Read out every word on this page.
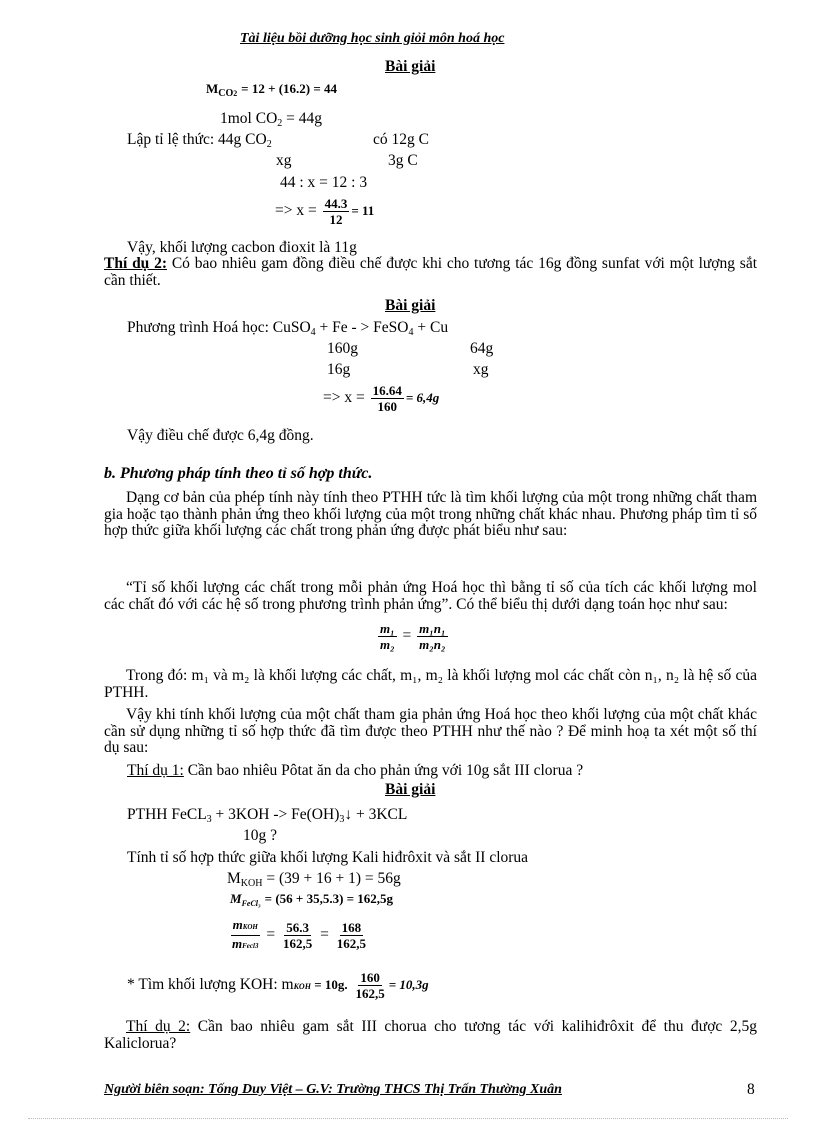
Tài liệu bồi dưỡng học sinh giỏi môn hoá học
Bài giải
$M_{CO2} = 12 + (16.2) = 44$
1mol $CO_2 = 44g$
Lập tỉ lệ thức: 44g $CO_2$	có 12g C
xg	3g C
44 : x = 12 : 3
=> $x = \frac{44.3}{12} = 11$
Vậy, khối lượng cacbon đioxit là 11g
Thí dụ 2: Có bao nhiêu gam đồng điều chế được khi cho tương tác 16g đồng sunfat với một lượng sắt cần thiết.
Bài giải
Phương trình Hoá học: CuSO$_4$ + Fe - > FeSO$_4$ + Cu
160g	64g
16g	xg
=> $x = \frac{16.64}{160} = 6,4g$
Vậy điều chế được 6,4g đồng.
b. Phương pháp tính theo tỉ số hợp thức.
Dạng cơ bản của phép tính này tính theo PTHH tức là tìm khối lượng của một trong những chất tham gia hoặc tạo thành phản ứng theo khối lượng của một trong những chất khác nhau. Phương pháp tìm tỉ số hợp thức giữa khối lượng các chất trong phản ứng được phát biểu như sau:
“Tỉ số khối lượng các chất trong mỗi phản ứng Hoá học thì bằng tỉ số của tích các khối lượng mol các chất đó với các hệ số trong phương trình phản ứng”. Có thể biểu thị dưới dạng toán học như sau:
$\frac{\text{m₁}}{\text{m₂}} = \frac{\text{m₁n₁}}{\text{m₂n₂}}$
Trong đó: m₁ và m₂ là khối lượng các chất, m₁, m₂ là khối lượng mol các chất còn n₁, n₂ là hệ số của PTHH.
Vậy khi tính khối lượng của một chất tham gia phản ứng Hoá học theo khối lượng của một chất khác cần sử dụng những tỉ số hợp thức đã tìm được theo PTHH như thế nào ? Để minh hoạ ta xét một số thí dụ sau:
Thí dụ 1: Cần bao nhiêu Pôtat ăn da cho phản ứng với 10g sắt III clorua ?
Bài giải
PTHH FeCL$_3$ + $3KOH -> Fe(OH)_3↓ + 3KCL$
10g ?
Tính tỉ số hợp thức giữa khối lượng Kali hiđrôxit và sắt II clorua
$M_{KOH} = (39 + 16 + 1) = 56g$
$M_{FeCl_3} = (56 + 35,5.3) = 162,5g$
$\frac{\text{mKOH}}{\text{mFecl3}} = \frac{56.3}{162,5} = \frac{168}{162,5}$
* Tìm khối lượng KOH: mKOH = 10g. $\frac{160}{162,5} = 10,3g$
Thí dụ 2: Cần bao nhiêu gam sắt III chorua cho tương tác với kalihiđrôxit để thu được 2,5g Kaliclorua?
Người biên soạn: Tống Duy Việt – G.V: Trường THCS Thị Trấn Thường Xuân	8
